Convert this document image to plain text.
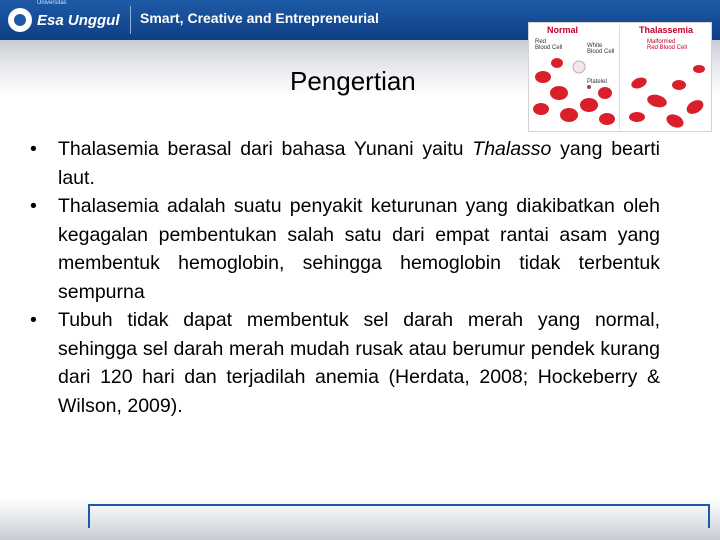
Esa Unggul
Universitas
Smart, Creative and Entrepreneurial
Pengertian
Normal	Thalassemia
Red
Blood Cell	White
Blood Cell
Platelet
Malformed
Red Blood Cell
• Thalasemia berasal dari bahasa Yunani yaitu Thalasso yang bearti laut.
• Thalasemia adalah suatu penyakit keturunan yang diakibatkan oleh kegagalan pembentukan salah satu dari empat rantai asam yang membentuk hemoglobin, sehingga hemoglobin tidak terbentuk sempurna
• Tubuh tidak dapat membentuk sel darah merah yang normal, sehingga sel darah merah mudah rusak atau berumur pendek kurang dari 120 hari dan terjadilah anemia (Herdata, 2008; Hockeberry & Wilson, 2009).
